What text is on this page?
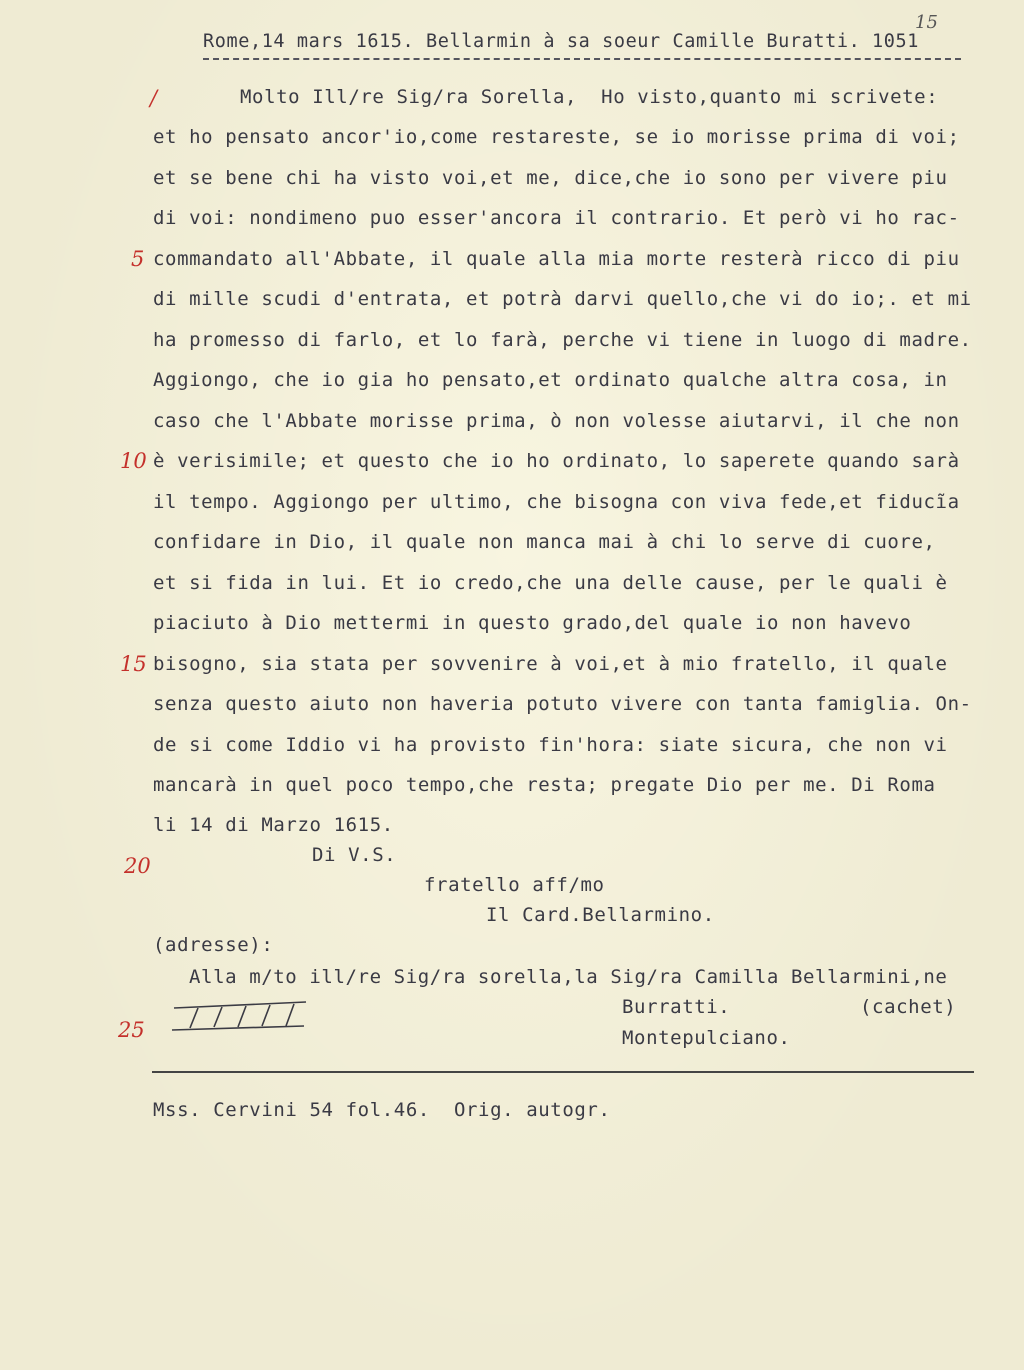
Rome,14 mars 1615. Bellarmin à sa soeur Camille Buratti. 1051
15
/
5
10
15
20
25
Molto Ill/re Sig/ra Sorella,  Ho visto,quanto mi scrivete:
et ho pensato ancor'io,come restareste, se io morisse prima di voi;
et se bene chi ha visto voi,et me, dice,che io sono per vivere piu
di voi: nondimeno puo esser'ancora il contrario. Et però vi ho rac-
commandato all'Abbate, il quale alla mia morte resterà ricco di piu
di mille scudi d'entrata, et potrà darvi quello,che vi do io;. et mi
ha promesso di farlo, et lo farà, perche vi tiene in luogo di madre.
Aggiongo, che io gia ho pensato,et ordinato qualche altra cosa, in
caso che l'Abbate morisse prima, ò non volesse aiutarvi, il che non
è verisimile; et questo che io ho ordinato, lo saperete quando sarà
il tempo. Aggiongo per ultimo, che bisogna con viva fede,et fiducĩa
confidare in Dio, il quale non manca mai à chi lo serve di cuore,
et si fida in lui. Et io credo,che una delle cause, per le quali è
piaciuto à Dio mettermi in questo grado,del quale io non havevo
bisogno, sia stata per sovvenire à voi,et à mio fratello, il quale
senza questo aiuto non haveria potuto vivere con tanta famiglia. On-
de si come Iddio vi ha provisto fin'hora: siate sicura, che non vi
mancarà in quel poco tempo,che resta; pregate Dio per me. Di Roma
li 14 di Marzo 1615.
Di V.S.
fratello aff/mo
Il Card.Bellarmino.
(adresse):
Alla m/to ill/re Sig/ra sorella,la Sig/ra Camilla Bellarmini,ne
Burratti.	(cachet)
Montepulciano.
Mss. Cervini 54 fol.46.  Orig. autogr.
